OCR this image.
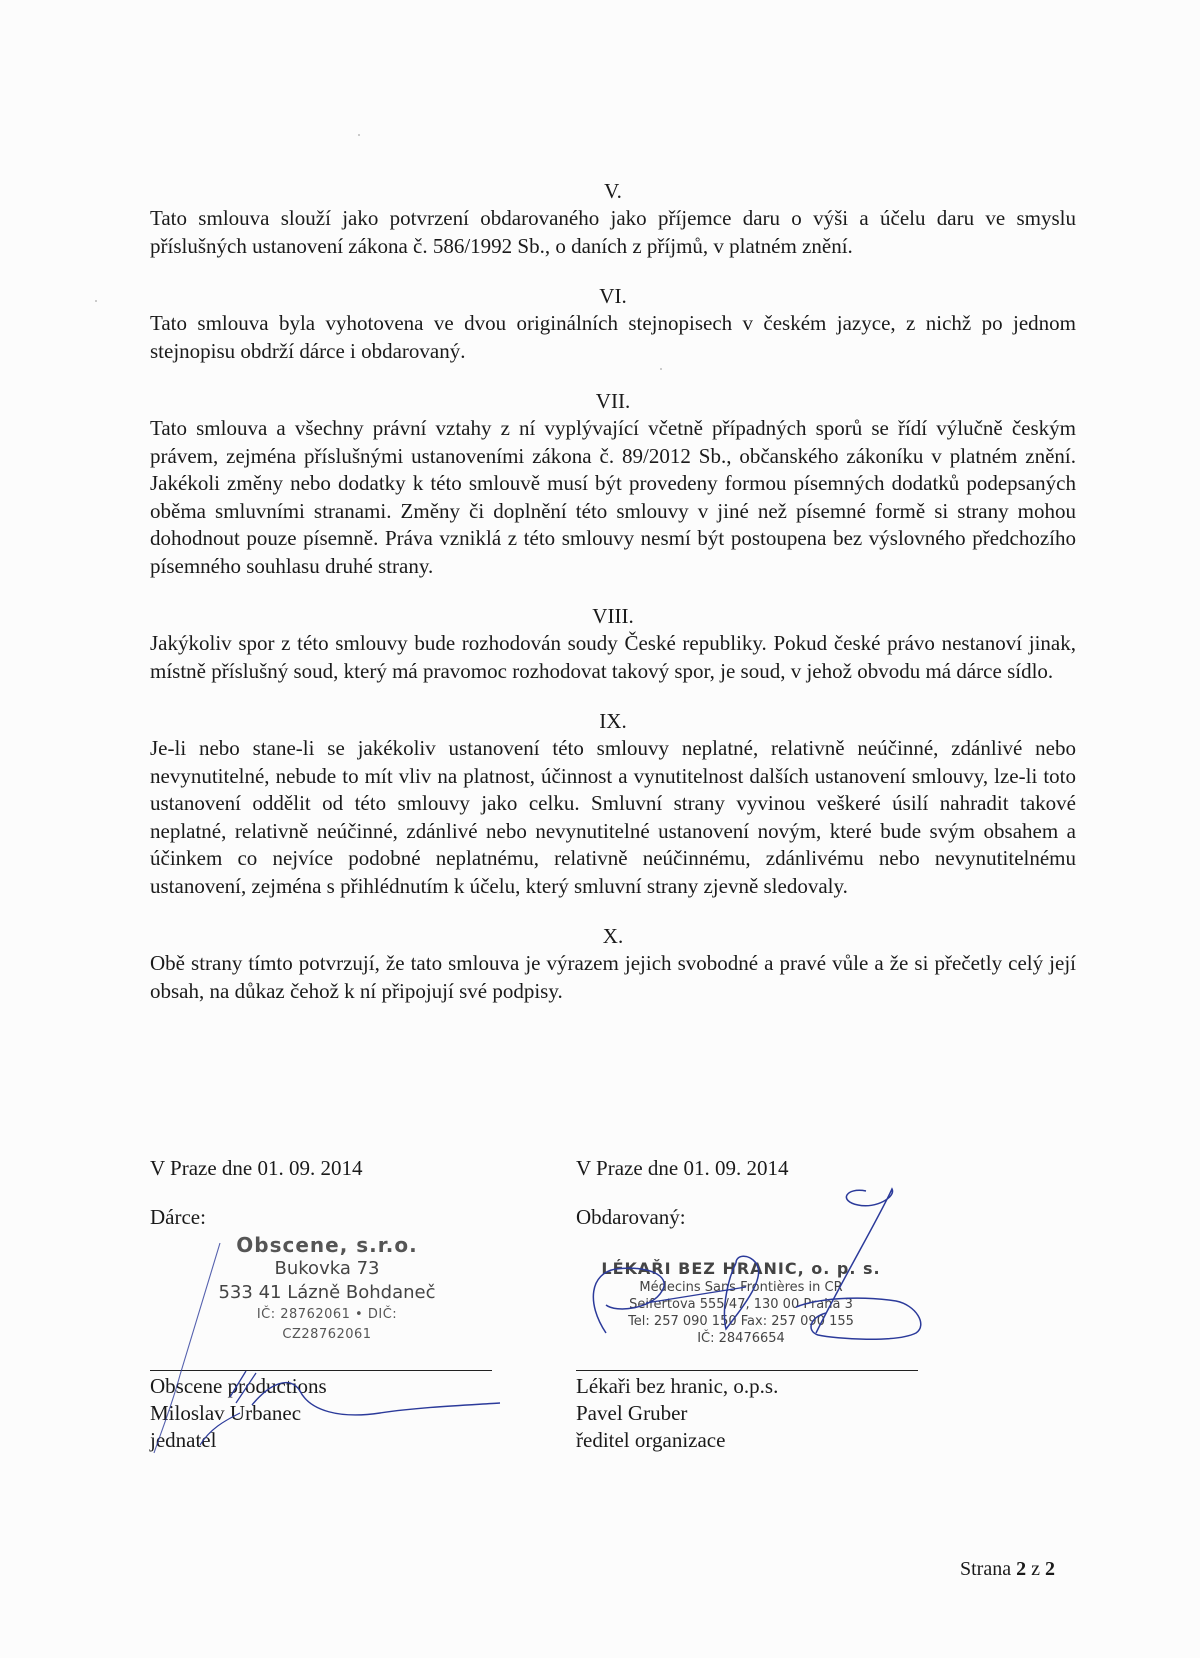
V.
Tato smlouva slouží jako potvrzení obdarovaného jako příjemce daru o výši a účelu daru ve smyslu příslušných ustanovení zákona č. 586/1992 Sb., o daních z příjmů, v platném znění.
VI.
Tato smlouva byla vyhotovena ve dvou originálních stejnopisech v českém jazyce, z nichž po jednom stejnopisu obdrží dárce i obdarovaný.
VII.
Tato smlouva a všechny právní vztahy z ní vyplývající včetně případných sporů se řídí výlučně českým právem, zejména příslušnými ustanoveními zákona č. 89/2012 Sb., občanského zákoníku v platném znění. Jakékoli změny nebo dodatky k této smlouvě musí být provedeny formou písemných dodatků podepsaných oběma smluvními stranami. Změny či doplnění této smlouvy v jiné než písemné formě si strany mohou dohodnout pouze písemně. Práva vzniklá z této smlouvy nesmí být postoupena bez výslovného předchozího písemného souhlasu druhé strany.
VIII.
Jakýkoliv spor z této smlouvy bude rozhodován soudy České republiky. Pokud české právo nestanoví jinak, místně příslušný soud, který má pravomoc rozhodovat takový spor, je soud, v jehož obvodu má dárce sídlo.
IX.
Je-li nebo stane-li se jakékoliv ustanovení této smlouvy neplatné, relativně neúčinné, zdánlivé nebo nevynutitelné, nebude to mít vliv na platnost, účinnost a vynutitelnost dalších ustanovení smlouvy, lze-li toto ustanovení oddělit od této smlouvy jako celku. Smluvní strany vyvinou veškeré úsilí nahradit takové neplatné, relativně neúčinné, zdánlivé nebo nevynutitelné ustanovení novým, které bude svým obsahem a účinkem co nejvíce podobné neplatnému, relativně neúčinnému, zdánlivému nebo nevynutitelnému ustanovení, zejména s přihlédnutím k účelu, který smluvní strany zjevně sledovaly.
X.
Obě strany tímto potvrzují, že tato smlouva je výrazem jejich svobodné a pravé vůle a že si přečetly celý její obsah, na důkaz čehož k ní připojují své podpisy.
V Praze dne 01. 09. 2014
Dárce:
Obscene, s.r.o.
Bukovka 73
533 41 Lázně Bohdaneč
IČ: 28762061 • DIČ: CZ28762061
Obscene productions
Miloslav Urbanec
jednatel
V Praze dne 01. 09. 2014
Obdarovaný:
LÉKAŘI BEZ HRANIC, o. p. s.
Médecins Sans Frontières in CR
Seifertova 555/47, 130 00 Praha 3
Tel: 257 090 150 Fax: 257 090 155
IČ: 28476654
Lékaři bez hranic, o.p.s.
Pavel Gruber
ředitel organizace
Strana 2 z 2
